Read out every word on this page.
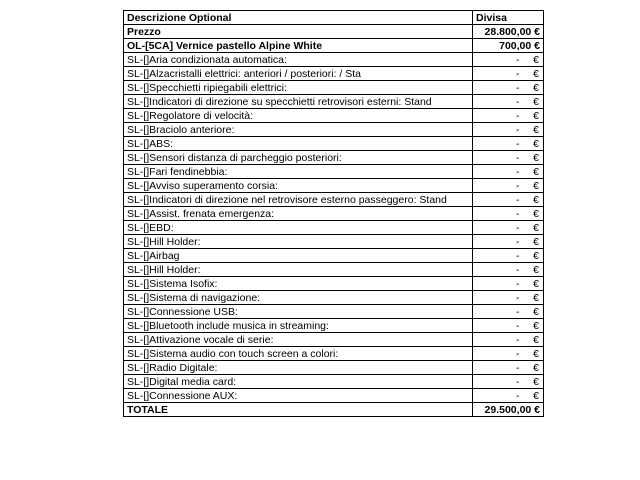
Descrizione Optional	Divisa
Prezzo	28.800,00 €
OL-[5CA] Vernice pastello Alpine White	700,00 €
SL-[]Aria condizionata automatica:	- €

SL-[]Alzacristalli elettrici: anteriori / posteriori: / Sta	- €

SL-[]Specchietti ripiegabili elettrici:	- €

SL-[]Indicatori di direzione su specchietti retrovisori esterni: Stand	- €

SL-[]Regolatore di velocità:	- €

SL-[]Braciolo anteriore:	- €

SL-[]ABS:	- €

SL-[]Sensori distanza di parcheggio posteriori:	- €

SL-[]Fari fendinebbia:	- €

SL-[]Avviso superamento corsia:	- €

SL-[]Indicatori di direzione nel retrovisore esterno passeggero: Stand	- €

SL-[]Assist. frenata emergenza:	- €

SL-[]EBD:	- €

SL-[]Hill Holder:	- €

SL-[]Airbag	- €

SL-[]Hill Holder:	- €

SL-[]Sistema Isofix:	- €

SL-[]Sistema di navigazione:	- €

SL-[]Connessione USB:	- €

SL-[]Bluetooth include musica in streaming:	- €

SL-[]Attivazione vocale di serie:	- €

SL-[]Sistema audio con touch screen a colori:	- €

SL-[]Radio Digitale:	- €

SL-[]Digital media card:	- €

SL-[]Connessione AUX:	- €

TOTALE	29.500,00 €
